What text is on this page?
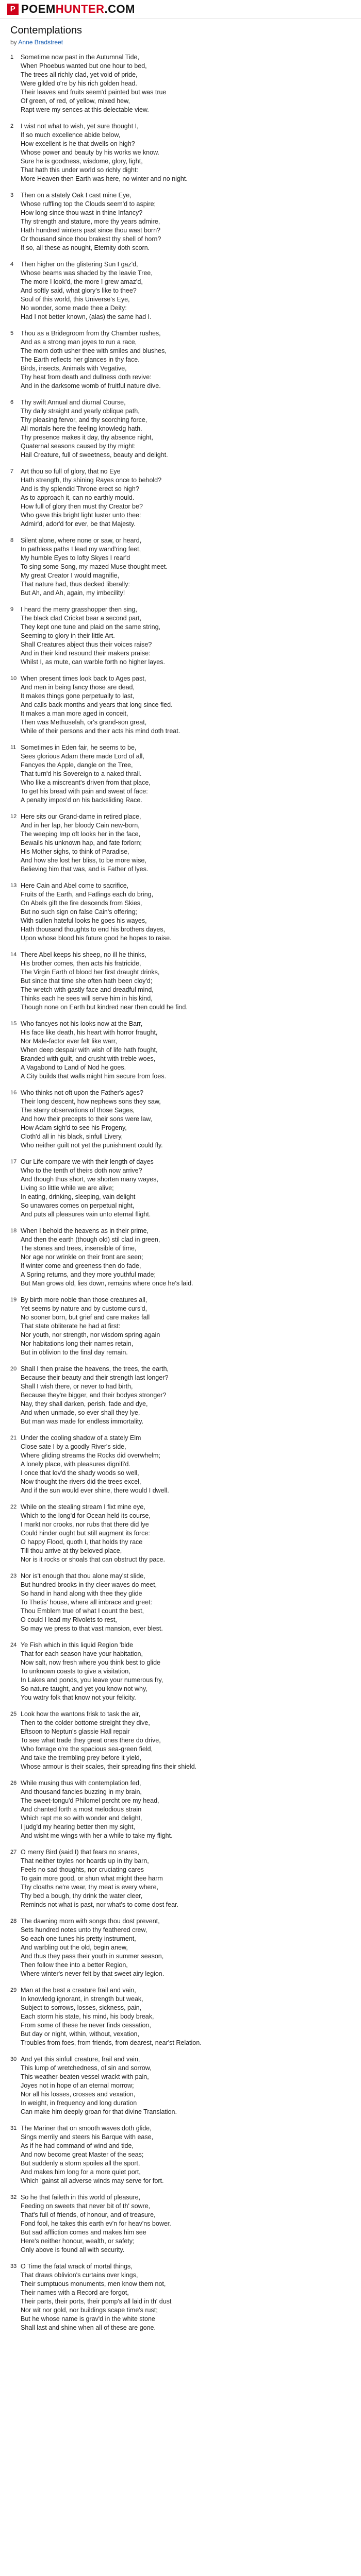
P POEM HUNTER .COM
Contemplations
by Anne Bradstreet
1	Sometime now past in the Autumnal Tide,
When Phoebus wanted but one hour to bed,
The trees all richly clad, yet void of pride,
Were gilded o're by his rich golden head.
Their leaves and fruits seem'd painted but was true
Of green, of red, of yellow, mixed hew,
Rapt were my sences at this delectable view.
2	I wist not what to wish, yet sure thought I,
If so much excellence abide below,
How excellent is he that dwells on high?
Whose power and beauty by his works we know.
Sure he is goodness, wisdome, glory, light,
That hath this under world so richly dight:
More Heaven then Earth was here, no winter and no night.
3	Then on a stately Oak I cast mine Eye,
Whose ruffling top the Clouds seem'd to aspire;
How long since thou wast in thine Infancy?
Thy strength and stature, more thy years admire,
Hath hundred winters past since thou wast born?
Or thousand since thou brakest thy shell of horn?
If so, all these as nought, Eternity doth scorn.
4	Then higher on the glistering Sun I gaz'd,
Whose beams was shaded by the leavie Tree,
The more I look'd, the more I grew amaz'd,
And softly said, what glory's like to thee?
Soul of this world, this Universe's Eye,
No wonder, some made thee a Deity:
Had I not better known, (alas) the same had I.
5	Thou as a Bridegroom from thy Chamber rushes,
And as a strong man joyes to run a race,
The morn doth usher thee with smiles and blushes,
The Earth reflects her glances in thy face.
Birds, insects, Animals with Vegative,
Thy heat from death and dullness doth revive:
And in the darksome womb of fruitful nature dive.
6	Thy swift Annual and diurnal Course,
Thy daily straight and yearly oblique path,
Thy pleasing fervor, and thy scorching force,
All mortals here the feeling knowledg hath.
Thy presence makes it day, thy absence night,
Quaternal seasons caused by thy might:
Hail Creature, full of sweetness, beauty and delight.
7	Art thou so full of glory, that no Eye
Hath strength, thy shining Rayes once to behold?
And is thy splendid Throne erect so high?
As to approach it, can no earthly mould.
How full of glory then must thy Creator be?
Who gave this bright light luster unto thee:
Admir'd, ador'd for ever, be that Majesty.
8	Silent alone, where none or saw, or heard,
In pathless paths I lead my wand'ring feet,
My humble Eyes to lofty Skyes I rear'd
To sing some Song, my mazed Muse thought meet.
My great Creator I would magnifie,
That nature had, thus decked liberally:
But Ah, and Ah, again, my imbecility!
9	I heard the merry grasshopper then sing,
The black clad Cricket bear a second part,
They kept one tune and plaid on the same string,
Seeming to glory in their little Art.
Shall Creatures abject thus their voices raise?
And in their kind resound their makers praise:
Whilst I, as mute, can warble forth no higher layes.
10 When present times look back to Ages past,
And men in being fancy those are dead,
It makes things gone perpetually to last,
And calls back months and years that long since fled.
It makes a man more aged in conceit,
Then was Methuselah, or's grand-son great,
While of their persons and their acts his mind doth treat.
11 Sometimes in Eden fair, he seems to be,
Sees glorious Adam there made Lord of all,
Fancyes the Apple, dangle on the Tree,
That turn'd his Sovereign to a naked thrall.
Who like a miscreant's driven from that place,
To get his bread with pain and sweat of face:
A penalty impos'd on his backsliding Race.
12 Here sits our Grand-dame in retired place,
And in her lap, her bloody Cain new-born,
The weeping Imp oft looks her in the face,
Bewails his unknown hap, and fate forlorn;
His Mother sighs, to think of Paradise,
And how she lost her bliss, to be more wise,
Believing him that was, and is Father of lyes.
13 Here Cain and Abel come to sacrifice,
Fruits of the Earth, and Fatlings each do bring,
On Abels gift the fire descends from Skies,
But no such sign on false Cain's offering;
With sullen hateful looks he goes his wayes,
Hath thousand thoughts to end his brothers dayes,
Upon whose blood his future good he hopes to raise.
14 There Abel keeps his sheep, no ill he thinks,
His brother comes, then acts his fratricide,
The Virgin Earth of blood her first draught drinks,
But since that time she often hath been cloy'd;
The wretch with gastly face and dreadful mind,
Thinks each he sees will serve him in his kind,
Though none on Earth but kindred near then could he find.
15 Who fancyes not his looks now at the Barr,
His face like death, his heart with horror fraught,
Nor Male-factor ever felt like warr,
When deep despair with wish of life hath fought,
Branded with guilt, and crusht with treble woes,
A Vagabond to Land of Nod he goes.
A City builds that walls might him secure from foes.
16 Who thinks not oft upon the Father's ages?
Their long descent, how nephews sons they saw,
The starry observations of those Sages,
And how their precepts to their sons were law,
How Adam sigh'd to see his Progeny,
Cloth'd all in his black, sinfull Livery,
Who neither guilt not yet the punishment could fly.
17 Our Life compare we with their length of dayes
Who to the tenth of theirs doth now arrive?
And though thus short, we shorten many wayes,
Living so little while we are alive;
In eating, drinking, sleeping, vain delight
So unawares comes on perpetual night,
And puts all pleasures vain unto eternal flight.
18 When I behold the heavens as in their prime,
And then the earth (though old) stil clad in green,
The stones and trees, insensible of time,
Nor age nor wrinkle on their front are seen;
If winter come and greeness then do fade,
A Spring returns, and they more youthful made;
But Man grows old, lies down, remains where once he's laid.
19 By birth more noble than those creatures all,
Yet seems by nature and by custome curs'd,
No sooner born, but grief and care makes fall
That state obliterate he had at first:
Nor youth, nor strength, nor wisdom spring again
Nor habitations long their names retain,
But in oblivion to the final day remain.
20 Shall I then praise the heavens, the trees, the earth,
Because their beauty and their strength last longer?
Shall I wish there, or never to had birth,
Because they're bigger, and their bodyes stronger?
Nay, they shall darken, perish, fade and dye,
And when unmade, so ever shall they lye,
But man was made for endless immortality.
21 Under the cooling shadow of a stately Elm
Close sate I by a goodly River's side,
Where gliding streams the Rocks did overwhelm;
A lonely place, with pleasures dignifi'd.
I once that lov'd the shady woods so well,
Now thought the rivers did the trees excel,
And if the sun would ever shine, there would I dwell.
22 While on the stealing stream I fixt mine eye,
Which to the long'd for Ocean held its course,
I markt nor crooks, nor rubs that there did lye
Could hinder ought but still augment its force:
O happy Flood, quoth I, that holds thy race
Till thou arrive at thy beloved place,
Nor is it rocks or shoals that can obstruct thy pace.
23 Nor is't enough that thou alone may'st slide,
But hundred brooks in thy cleer waves do meet,
So hand in hand along with thee they glide
To Thetis' house, where all imbrace and greet:
Thou Emblem true of what I count the best,
O could I lead my Rivolets to rest,
So may we press to that vast mansion, ever blest.
24 Ye Fish which in this liquid Region 'bide
That for each season have your habitation,
Now salt, now fresh where you think best to glide
To unknown coasts to give a visitation,
In Lakes and ponds, you leave your numerous fry,
So nature taught, and yet you know not why,
You watry folk that know not your felicity.
25 Look how the wantons frisk to task the air,
Then to the colder bottome streight they dive,
Eftsoon to Neptun's glassie Hall repair
To see what trade they great ones there do drive,
Who forrage o're the spacious sea-green field,
And take the trembling prey before it yield,
Whose armour is their scales, their spreading fins their shield.
26 While musing thus with contemplation fed,
And thousand fancies buzzing in my brain,
The sweet-tongu'd Philomel percht ore my head,
And chanted forth a most melodious strain
Which rapt me so with wonder and delight,
I judg'd my hearing better then my sight,
And wisht me wings with her a while to take my flight.
27 O merry Bird (said I) that fears no snares,
That neither toyles nor hoards up in thy barn,
Feels no sad thoughts, nor cruciating cares
To gain more good, or shun what might thee harm
Thy cloaths ne're wear, thy meat is every where,
Thy bed a bough, thy drink the water cleer,
Reminds not what is past, nor what's to come dost fear.
28 The dawning morn with songs thou dost prevent,
Sets hundred notes unto thy feathered crew,
So each one tunes his pretty instrument,
And warbling out the old, begin anew,
And thus they pass their youth in summer season,
Then follow thee into a better Region,
Where winter's never felt by that sweet airy legion.
29 Man at the best a creature frail and vain,
In knowledg ignorant, in strength but weak,
Subject to sorrows, losses, sickness, pain,
Each storm his state, his mind, his body break,
From some of these he never finds cessation,
But day or night, within, without, vexation,
Troubles from foes, from friends, from dearest, near'st Relation.
30 And yet this sinfull creature, frail and vain,
This lump of wretchedness, of sin and sorrow,
This weather-beaten vessel wrackt with pain,
Joyes not in hope of an eternal morrow;
Nor all his losses, crosses and vexation,
In weight, in frequency and long duration
Can make him deeply groan for that divine Translation.
31 The Mariner that on smooth waves doth glide,
Sings merrily and steers his Barque with ease,
As if he had command of wind and tide,
And now become great Master of the seas;
But suddenly a storm spoiles all the sport,
And makes him long for a more quiet port,
Which 'gainst all adverse winds may serve for fort.
32 So he that faileth in this world of pleasure,
Feeding on sweets that never bit of th' sowre,
That's full of friends, of honour, and of treasure,
Fond fool, he takes this earth ev'n for heav'ns bower.
But sad affliction comes and makes him see
Here's neither honour, wealth, or safety;
Only above is found all with security.
33 O Time the fatal wrack of mortal things,
That draws oblivion's curtains over kings,
Their sumptuous monuments, men know them not,
Their names with a Record are forgot,
Their parts, their ports, their pomp's all laid in th' dust
Nor wit nor gold, nor buildings scape time's rust;
But he whose name is grav'd in the white stone
Shall last and shine when all of these are gone.
